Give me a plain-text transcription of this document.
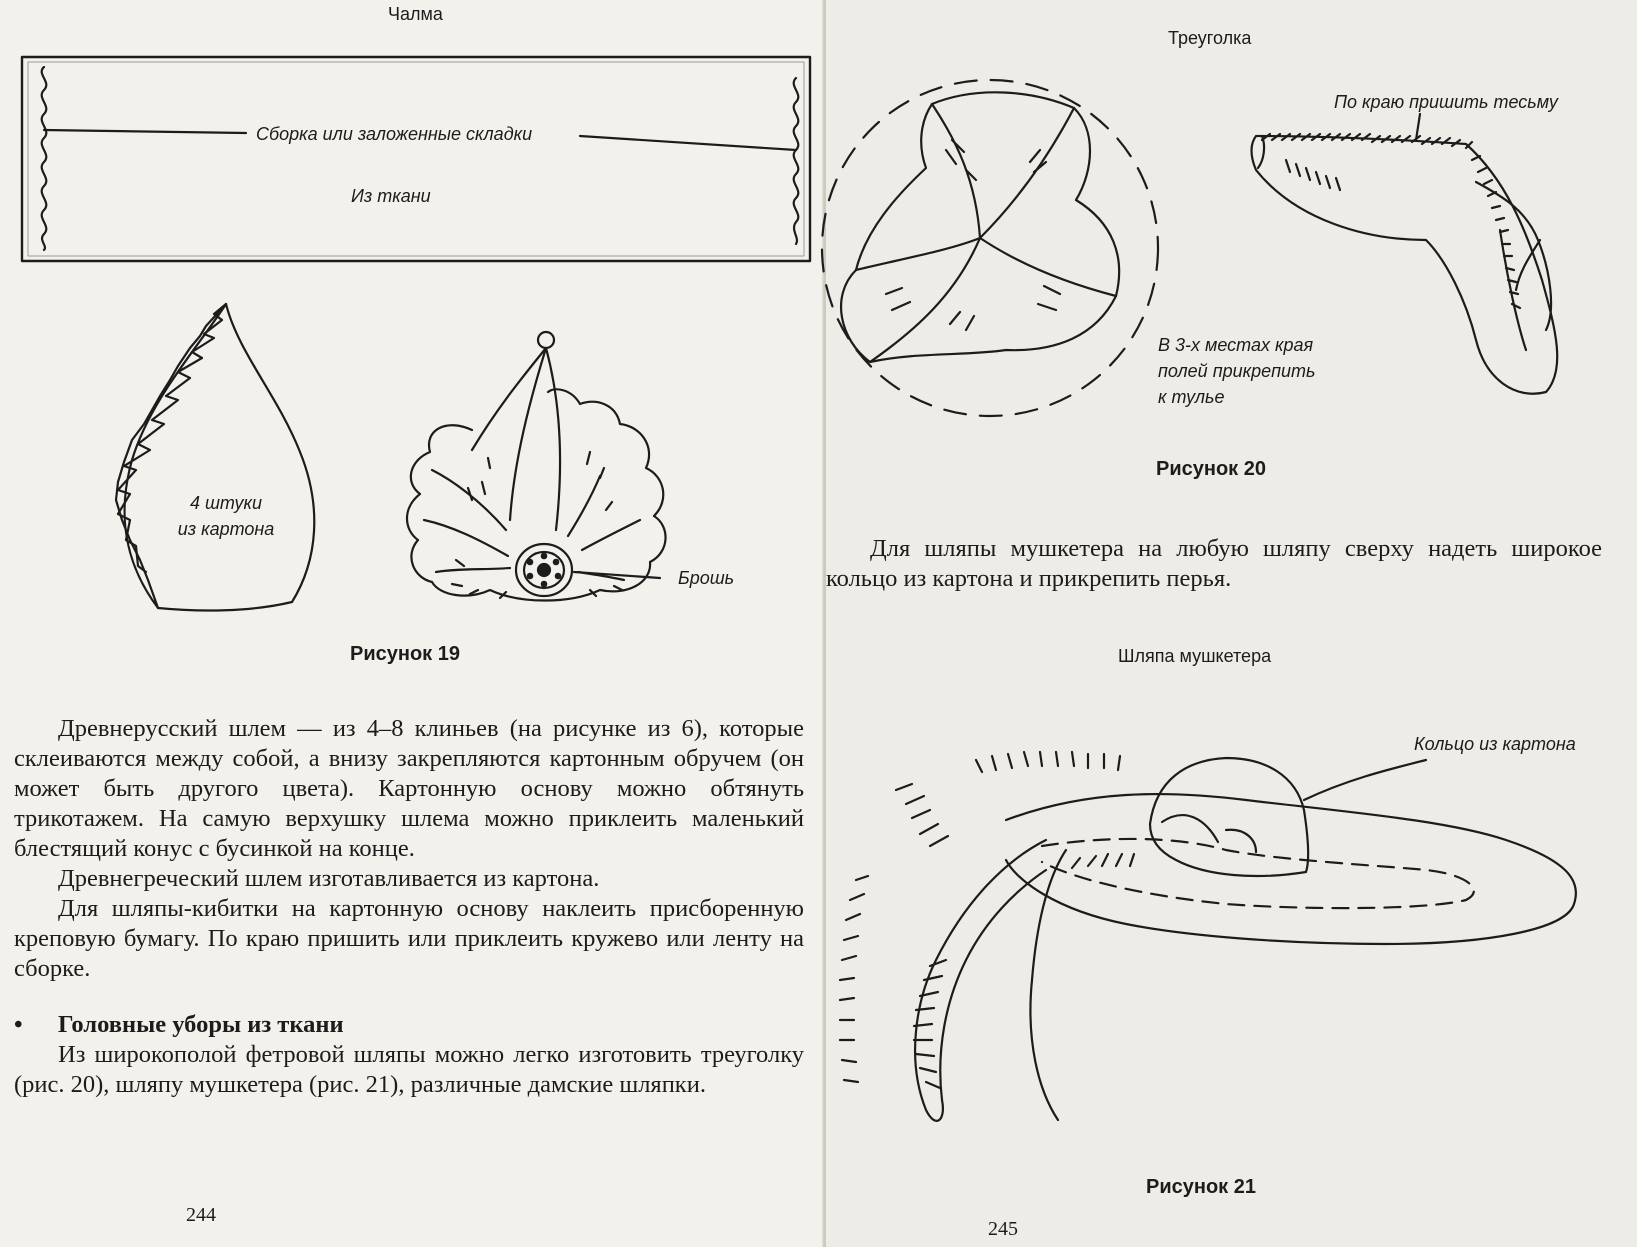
Чалма
Сборка или заложенные складки
Из ткани
4 штуки
из картона
Брошь
Рисунок 19

Древнерусский шлем — из 4–8 клиньев (на рисунке из 6), которые склеиваются между собой, а внизу закрепляются картонным обручем (он может быть другого цвета). Картонную основу можно обтянуть трикотажем. На самую верхушку шлема можно приклеить маленький блестящий конус с бусинкой на конце.

Древнегреческий шлем изготавливается из картона.

Для шляпы-кибитки на картонную основу наклеить присборенную креповую бумагу. По краю пришить или приклеить кружево или ленту на сборке.

• Головные уборы из ткани

Из широкополой фетровой шляпы можно легко изготовить треуголку (рис. 20), шляпу мушкетера (рис. 21), различные дамские шляпки.

244
Треуголка
По краю пришить тесьму
В 3-х местах края
полей прикрепить
к тулье
Рисунок 20

Для шляпы мушкетера на любую шляпу сверху надеть широкое кольцо из картона и прикрепить перья.

Шляпа мушкетера
Кольцо из картона
Рисунок 21
245
